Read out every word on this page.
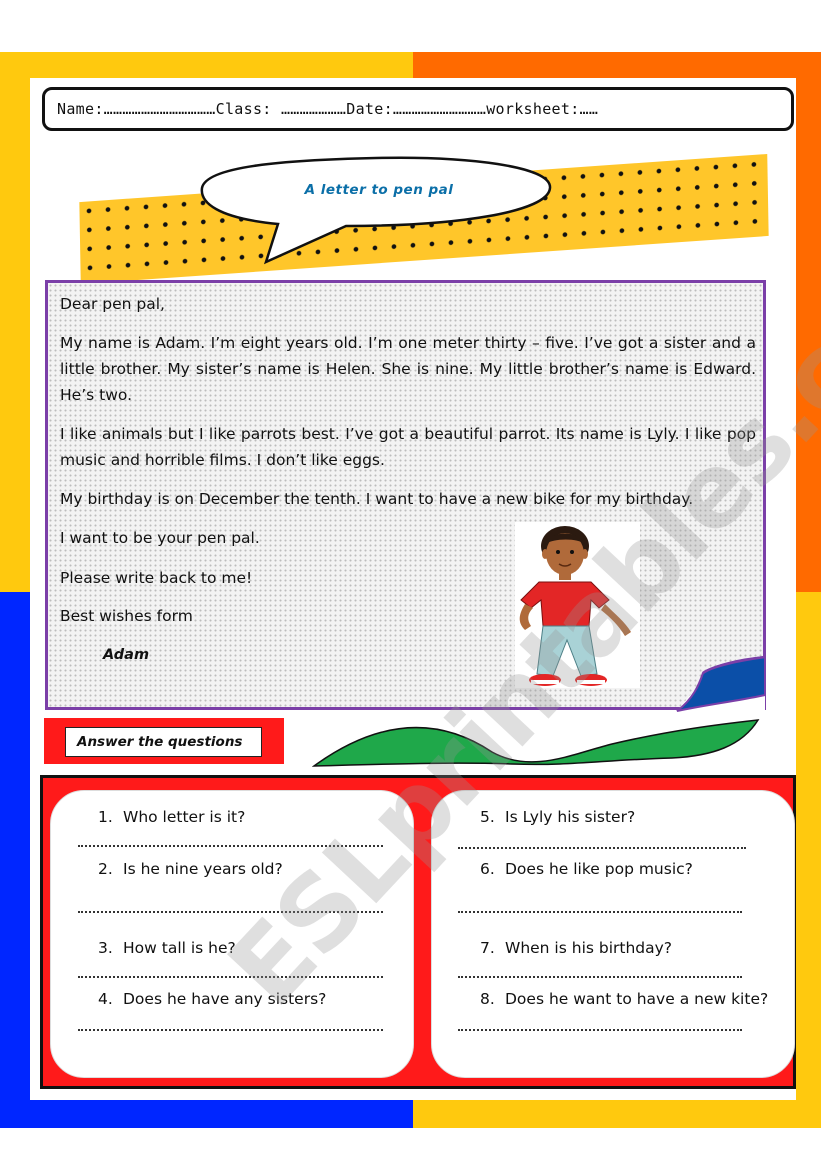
Name:………………………………Class: …………………Date:…………………………worksheet:……
A letter to pen pal

Dear pen pal,

My name is Adam. I’m eight years old. I’m one meter thirty – five. I’ve got a sister and a little brother. My sister’s name is Helen. She is nine. My little brother’s name is Edward. He’s two.

I like animals but I like parrots best. I’ve got a beautiful parrot. Its name is Lyly. I like pop music and horrible films. I don’t like eggs.

My birthday is on December the tenth. I want to have a new bike for my birthday.

I want to be your pen pal.

Please write back to me!

Best wishes form

Adam

Answer the questions
1. Who letter is it?
2. Is he nine years old?
3. How tall is he?
4. Does he have any sisters?
5. Is Lyly his sister?
6. Does he like pop music?
7. When is his birthday?
8. Does he want to have a new kite?
